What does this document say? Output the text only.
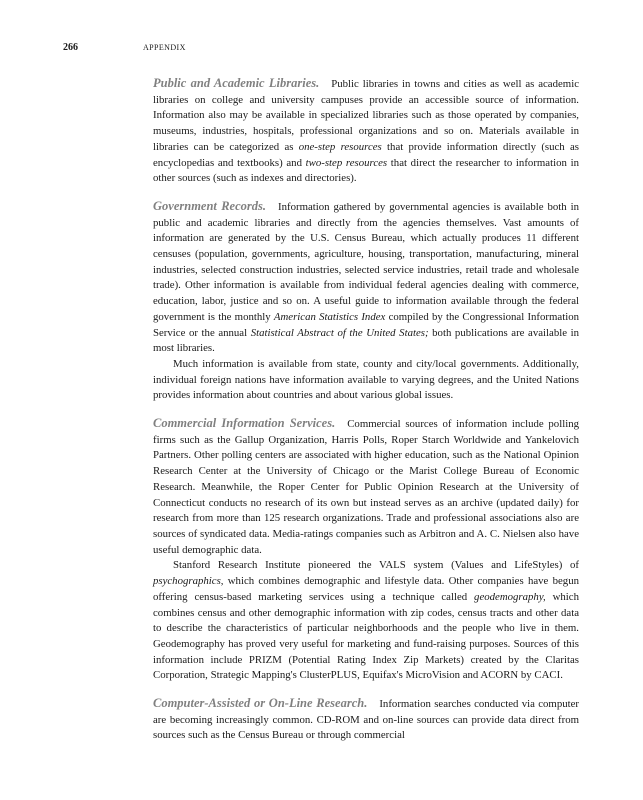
266	APPENDIX

Public and Academic Libraries. Public libraries in towns and cities as well as academic libraries on college and university campuses provide an accessible source of information. Information also may be available in specialized libraries such as those operated by companies, museums, industries, hospitals, professional organizations and so on. Materials available in libraries can be categorized as one-step resources that provide information directly (such as encyclopedias and textbooks) and two-step resources that direct the researcher to information in other sources (such as indexes and directories).

Government Records. Information gathered by governmental agencies is available both in public and academic libraries and directly from the agencies themselves. Vast amounts of information are generated by the U.S. Census Bureau, which actually produces 11 different censuses (population, governments, agriculture, housing, transportation, manufacturing, mineral industries, selected construction industries, selected service industries, retail trade and wholesale trade). Other information is available from individual federal agencies dealing with commerce, education, labor, justice and so on. A useful guide to information available through the federal government is the monthly American Statistics Index compiled by the Congressional Information Service or the annual Statistical Abstract of the United States; both publications are available in most libraries.

Much information is available from state, county and city/local governments. Additionally, individual foreign nations have information available to varying degrees, and the United Nations provides information about countries and about various global issues.

Commercial Information Services. Commercial sources of information include polling firms such as the Gallup Organization, Harris Polls, Roper Starch Worldwide and Yankelovich Partners. Other polling centers are associated with higher education, such as the National Opinion Research Center at the University of Chicago or the Marist College Bureau of Economic Research. Meanwhile, the Roper Center for Public Opinion Research at the University of Connecticut conducts no research of its own but instead serves as an archive (updated daily) for research from more than 125 research organizations. Trade and professional associations also are sources of syndicated data. Media-ratings companies such as Arbitron and A. C. Nielsen also have useful demographic data.

Stanford Research Institute pioneered the VALS system (Values and LifeStyles) of psychographics, which combines demographic and lifestyle data. Other companies have begun offering census-based marketing services using a technique called geodemography, which combines census and other demographic information with zip codes, census tracts and other data to describe the characteristics of particular neighborhoods and the people who live in them. Geodemography has proved very useful for marketing and fund-raising purposes. Sources of this information include PRIZM (Potential Rating Index Zip Markets) created by the Claritas Corporation, Strategic Mapping's ClusterPLUS, Equifax's MicroVision and ACORN by CACI.

Computer-Assisted or On-Line Research. Information searches conducted via computer are becoming increasingly common. CD-ROM and on-line sources can provide data direct from sources such as the Census Bureau or through commercial
